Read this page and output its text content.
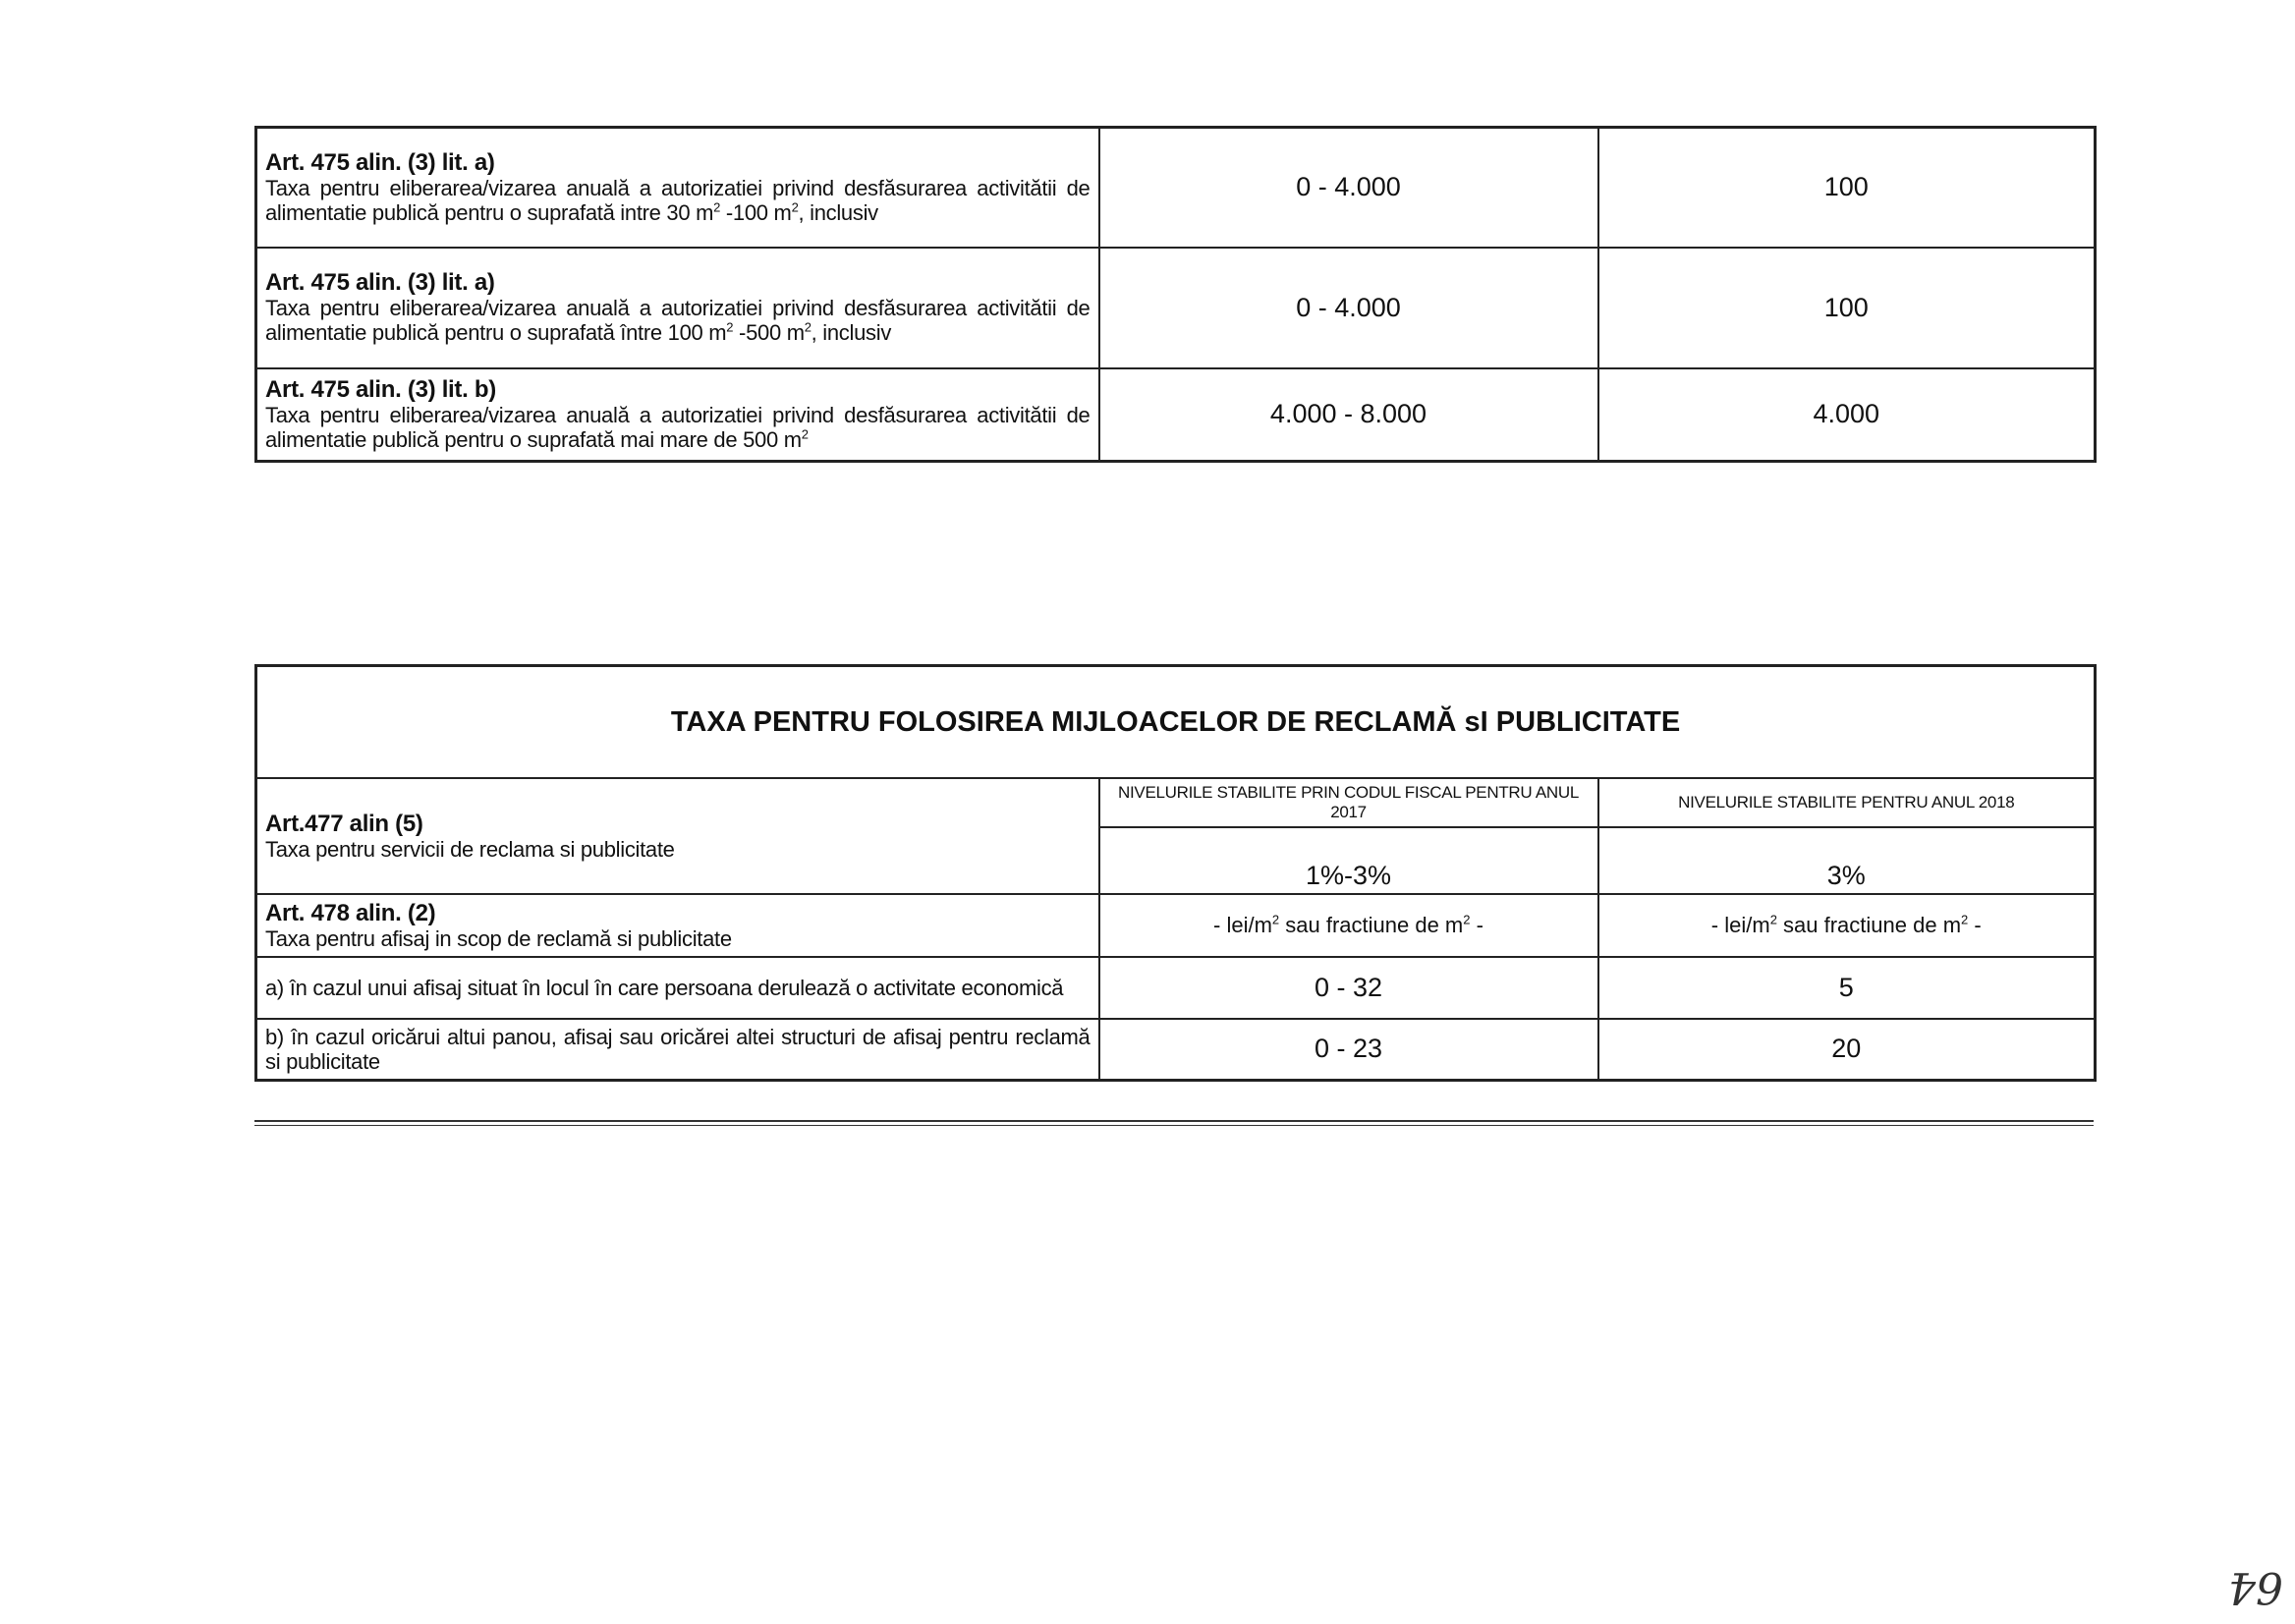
Art. 475 alin. (3) lit. a)
Taxa pentru eliberarea/vizarea anuală a autorizatiei privind desfăsurarea activitătii de alimentatie publică pentru o suprafată intre 30 $m^2$ -100 $m^2$, inclusiv	0 - 4.000	100

Art. 475 alin. (3) lit. a)
Taxa pentru eliberarea/vizarea anuală a autorizatiei privind desfăsurarea activitătii de alimentatie publică pentru o suprafată între 100 $m^2$ -500 $m^2$, inclusiv	0 - 4.000	100

Art. 475 alin. (3) lit. b)
Taxa pentru eliberarea/vizarea anuală a autorizatiei privind desfăsurarea activitătii de alimentatie publică pentru o suprafată mai mare de 500 $m^2$	4.000 - 8.000	4.000
TAXA PENTRU FOLOSIREA MIJLOACELOR DE RECLAMĂ sI PUBLICITATE		

Art.477 alin (5)
Taxa pentru servicii de reclama si publicitate	NIVELURILE STABILITE PRIN CODUL FISCAL PENTRU ANUL 2017	NIVELURILE STABILITE PENTRU ANUL 2018
	1%-3%	3%

Art. 478 alin. (2)
Taxa pentru afisaj in scop de reclamă si publicitate	- lei/$m^2$ sau fractiune de $m^2$ -	- lei/$m^2$ sau fractiune de $m^2$ -
a) în cazul unui afisaj situat în locul în care persoana derulează o activitate economică	0 - 32	5
b) în cazul oricărui altui panou, afisaj sau oricărei altei structuri de afisaj pentru reclamă si publicitate	0 - 23	20
64
